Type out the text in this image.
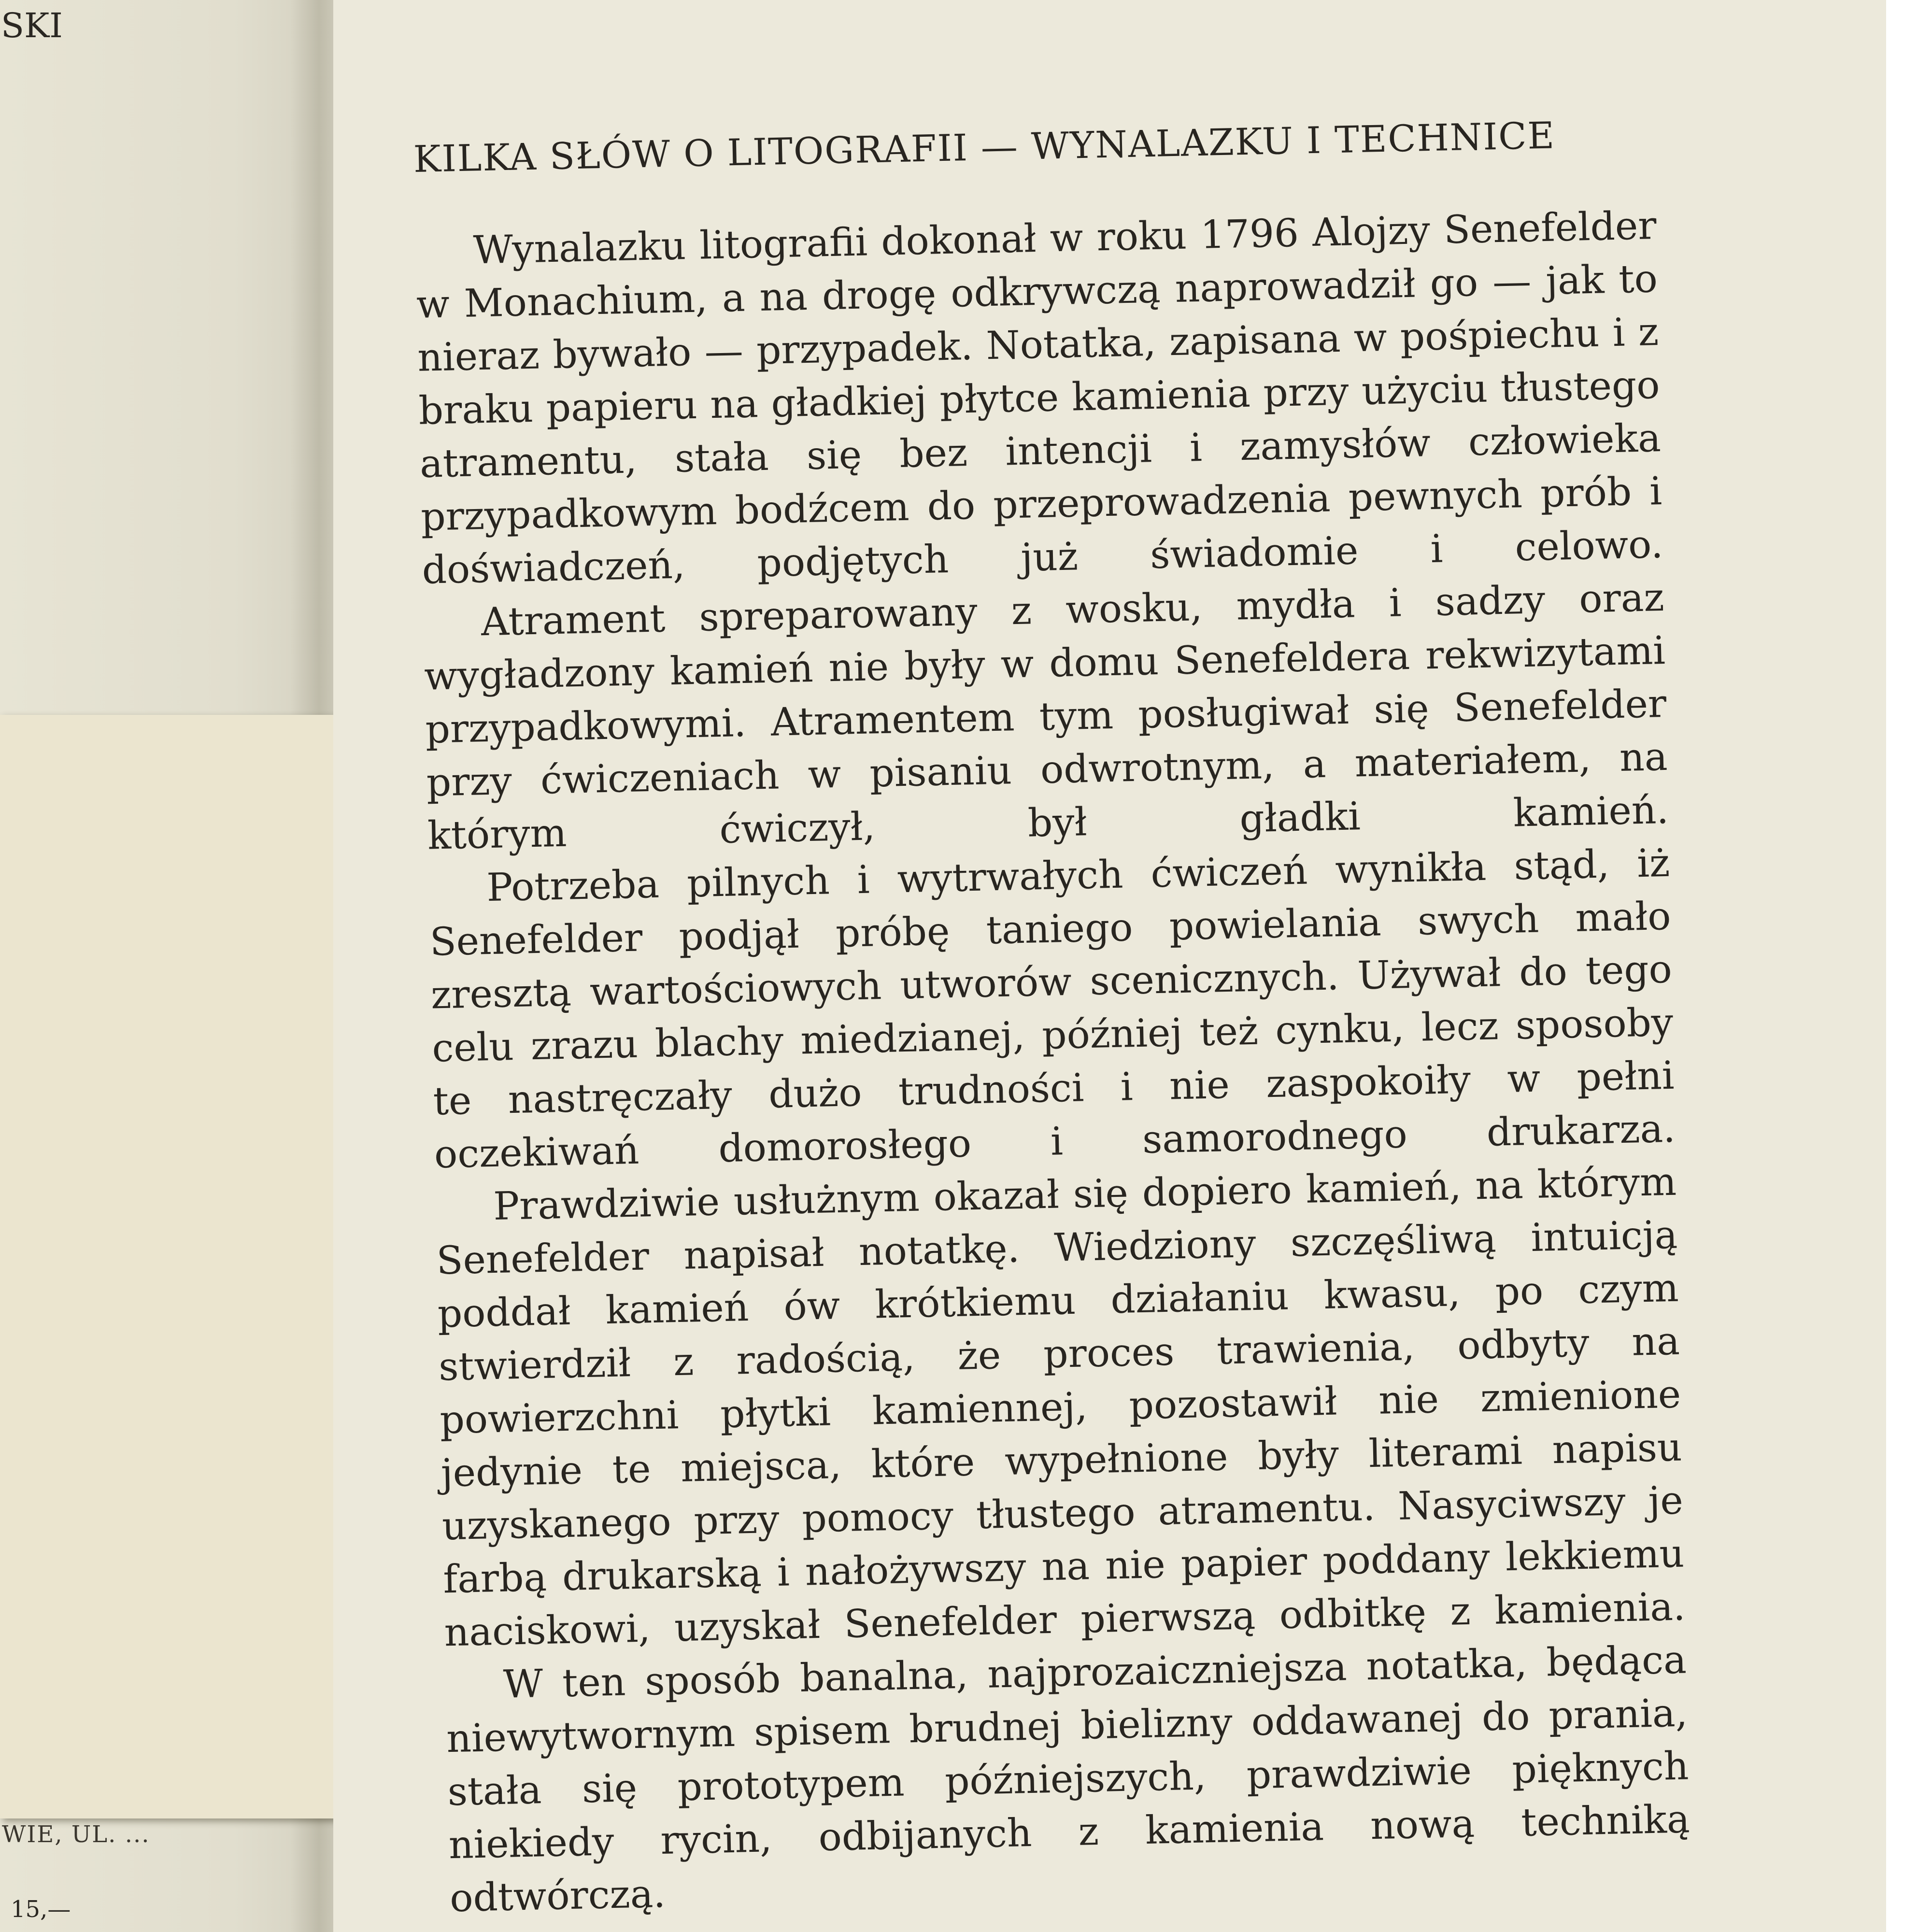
SKI

WIE, UL. ...

15,—

KILKA SŁÓW O LITOGRAFII — WYNALAZKU I TECHNICE

Wynalazku litografii dokonał w roku 1796 Alojzy Senefelder w Monachium, a na drogę odkrywczą naprowadził go — jak to nieraz bywało — przypadek. Notatka, zapisana w pośpiechu i z braku papieru na gładkiej płytce kamienia przy użyciu tłustego atramentu, stała się bez intencji i zamysłów człowieka przypadkowym bodźcem do przeprowadzenia pewnych prób i doświadczeń, podjętych już świadomie i celowo.

Atrament spreparowany z wosku, mydła i sadzy oraz wygładzony kamień nie były w domu Senefeldera rekwizytami przypadkowymi. Atramentem tym posługiwał się Senefelder przy ćwiczeniach w pisaniu odwrotnym, a materiałem, na którym ćwiczył, był gładki kamień.

Potrzeba pilnych i wytrwałych ćwiczeń wynikła stąd, iż Senefelder podjął próbę taniego powielania swych mało zresztą wartościowych utworów scenicznych. Używał do tego celu zrazu blachy miedzianej, później też cynku, lecz sposoby te nastręczały dużo trudności i nie zaspokoiły w pełni oczekiwań domorosłego i samorodnego drukarza.

Prawdziwie usłużnym okazał się dopiero kamień, na którym Senefelder napisał notatkę. Wiedziony szczęśliwą intuicją poddał kamień ów krótkiemu działaniu kwasu, po czym stwierdził z radością, że proces trawienia, odbyty na powierzchni płytki kamiennej, pozostawił nie zmienione jedynie te miejsca, które wypełnione były literami napisu uzyskanego przy pomocy tłustego atramentu. Nasyciwszy je farbą drukarską i nałożywszy na nie papier poddany lekkiemu naciskowi, uzyskał Senefelder pierwszą odbitkę z kamienia.

W ten sposób banalna, najprozaiczniejsza notatka, będąca niewytwornym spisem brudnej bielizny oddawanej do prania, stała się prototypem późniejszych, prawdziwie pięknych niekiedy rycin, odbijanych z kamienia nową techniką odtwórczą.
